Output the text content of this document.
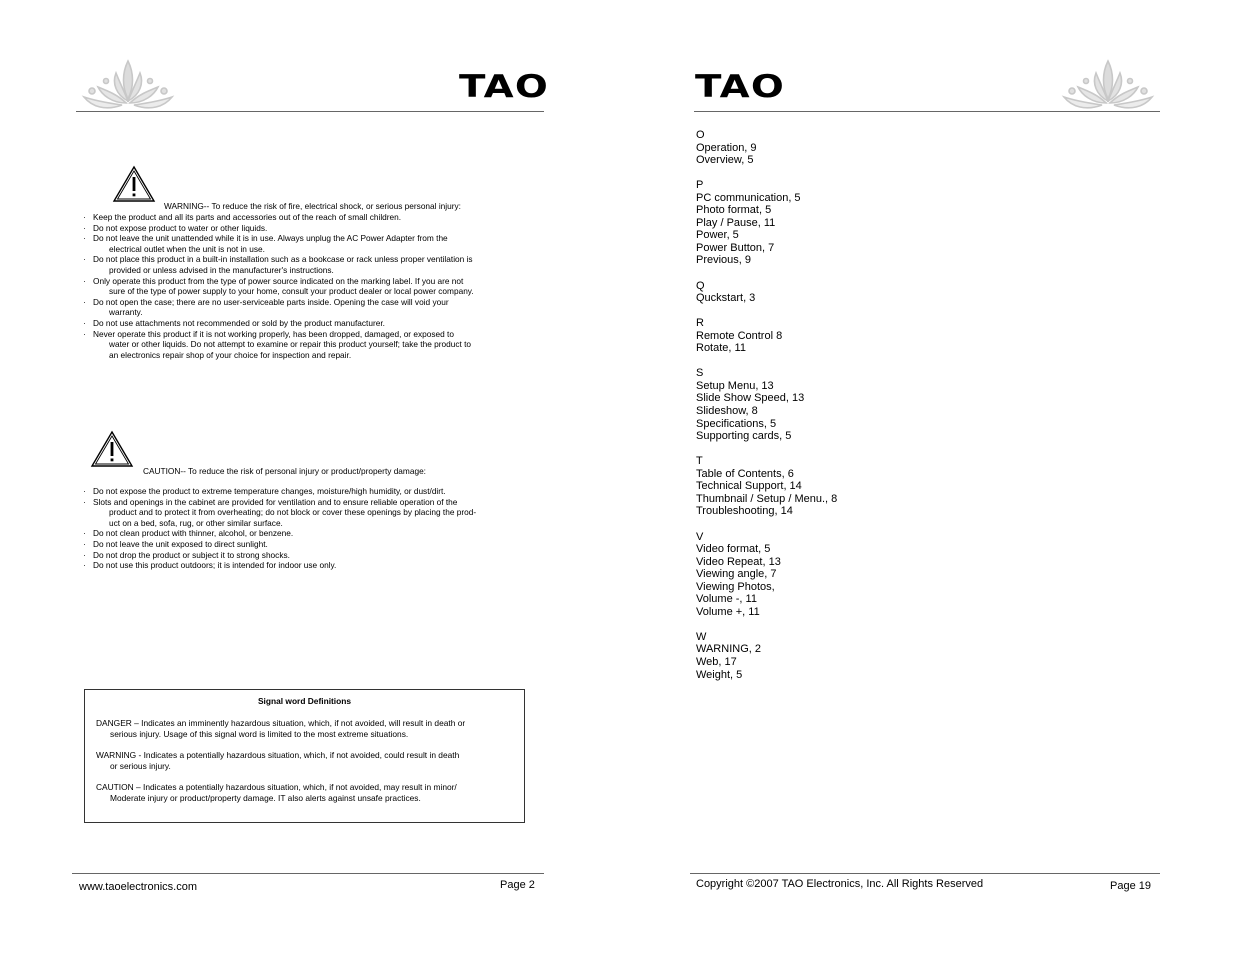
TAO
WARNING-- To reduce the risk of fire, electrical shock, or serious personal injury:
· Keep the product and all its parts and accessories out of the reach of small children.
· Do not expose product to water or other liquids.
· Do not leave the unit unattended while it is in use. Always unplug the AC Power Adapter from the
electrical outlet when the unit is not in use.
· Do not place this product in a built-in installation such as a bookcase or rack unless proper ventilation is
provided or unless advised in the manufacturer's instructions.
· Only operate this product from the type of power source indicated on the marking label. If you are not
sure of the type of power supply to your home, consult your product dealer or local power company.
· Do not open the case; there are no user-serviceable parts inside. Opening the case will void your
warranty.
· Do not use attachments not recommended or sold by the product manufacturer.
· Never operate this product if it is not working properly, has been dropped, damaged, or exposed to
water or other liquids. Do not attempt to examine or repair this product yourself; take the product to
an electronics repair shop of your choice for inspection and repair.
CAUTION-- To reduce the risk of personal injury or product/property damage:
· Do not expose the product to extreme temperature changes, moisture/high humidity, or dust/dirt.
· Slots and openings in the cabinet are provided for ventilation and to ensure reliable operation of the
product and to protect it from overheating; do not block or cover these openings by placing the prod-
uct on a bed, sofa, rug, or other similar surface.
· Do not clean product with thinner, alcohol, or benzene.
· Do not leave the unit exposed to direct sunlight.
· Do not drop the product or subject it to strong shocks.
· Do not use this product outdoors; it is intended for indoor use only.
Signal word Definitions
DANGER – Indicates an imminently hazardous situation, which, if not avoided, will result in death or
serious injury. Usage of this signal word is limited to the most extreme situations.
WARNING - Indicates a potentially hazardous situation, which, if not avoided, could result in death
or serious injury.
CAUTION – Indicates a potentially hazardous situation, which, if not avoided, may result in minor/
Moderate injury or product/property damage. IT also alerts against unsafe practices.
www.taoelectronics.com	Page 2
TAO
O
Operation, 9
Overview, 5
P
PC communication, 5
Photo format, 5
Play / Pause, 11
Power, 5
Power Button, 7
Previous, 9
Q
Quckstart, 3
R
Remote Control 8
Rotate, 11
S
Setup Menu, 13
Slide Show Speed, 13
Slideshow, 8
Specifications, 5
Supporting cards, 5
T
Table of Contents, 6
Technical Support, 14
Thumbnail / Setup / Menu., 8
Troubleshooting, 14
V
Video format, 5
Video Repeat, 13
Viewing angle, 7
Viewing Photos,
Volume -, 11
Volume +, 11
W
WARNING, 2
Web, 17
Weight, 5
Copyright ©2007 TAO Electronics, Inc. All Rights Reserved	Page 19
